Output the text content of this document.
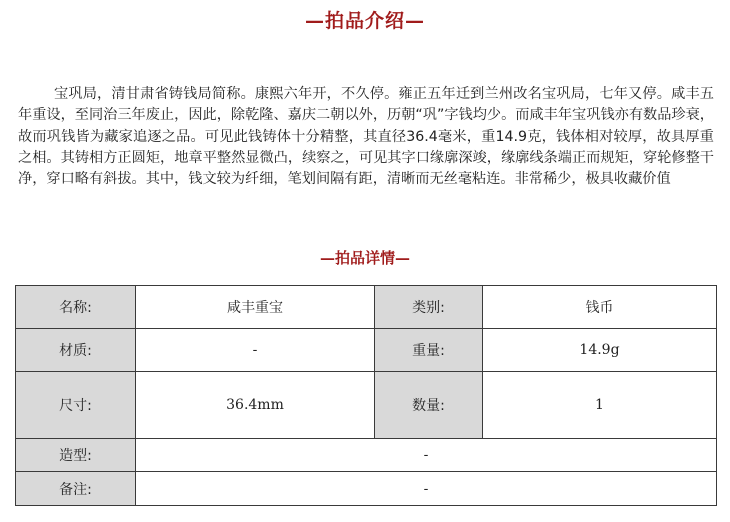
—拍品介绍—

宝巩局，清甘肃省铸钱局简称。康熙六年开，不久停。雍正五年迁到兰州改名宝巩局，七年又停。咸丰五年重设，至同治三年废止，因此，除乾隆、嘉庆二朝以外，历朝“巩”字钱均少。而咸丰年宝巩钱亦有数品珍衰，故而巩钱皆为藏家追逐之品。可见此钱铸体十分精整，其直径36.4毫米，重14.9克，钱体相对较厚，故具厚重之相。其铸相方正圆矩，地章平整然显微凸，续察之，可见其字口缘廓深竣，缘廓线条端正而规矩，穿轮修整干净，穿口略有斜拔。其中，钱文较为纤细，笔划间隔有距，清晰而无丝毫粘连。非常稀少，极具收藏价值

—拍品详情—
名称:	咸丰重宝	类别:	钱币
材质:	-	重量:	14.9g
尺寸:	36.4mm	数量:	1
造型:	-		
备注:	-		
